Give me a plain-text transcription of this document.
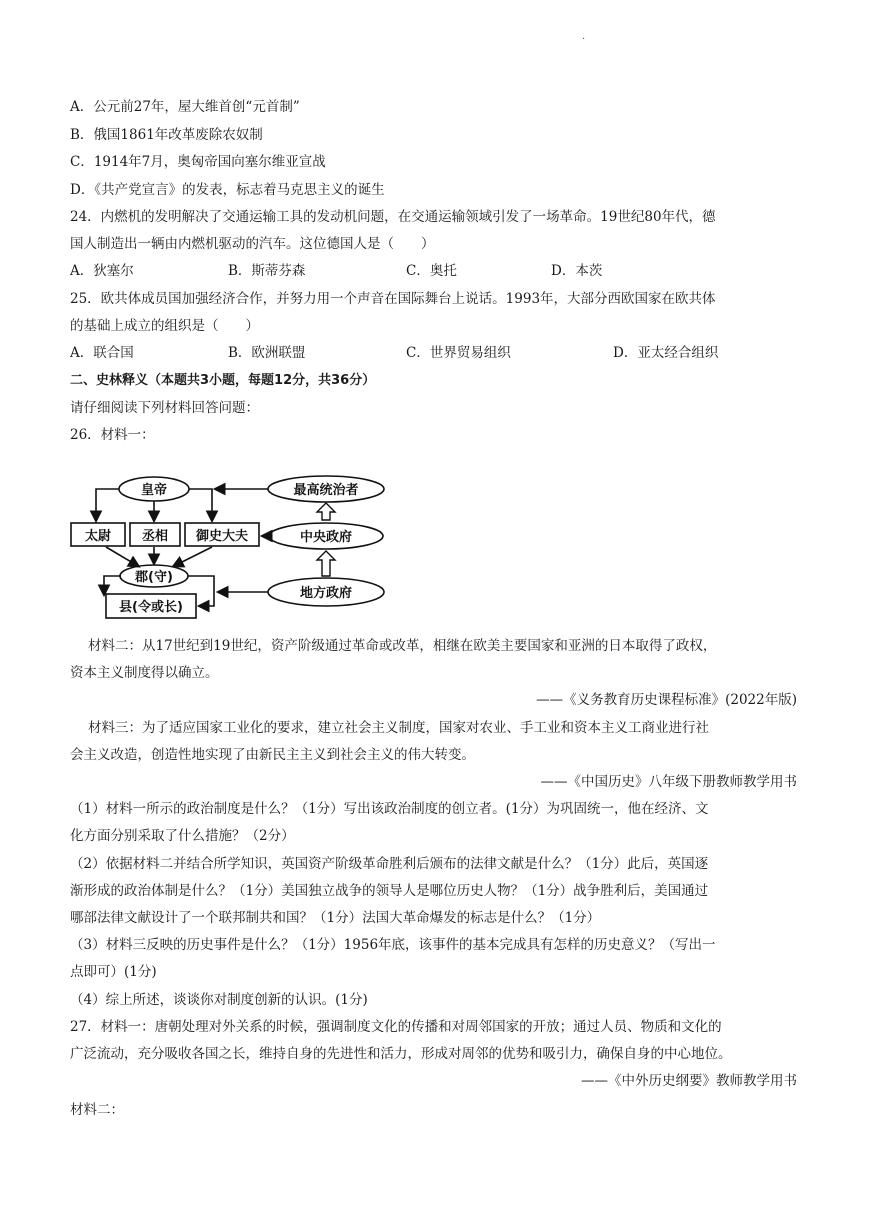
·
A．公元前27年，屋大维首创“元首制”
B．俄国1861年改革废除农奴制
C．1914年7月，奥匈帝国向塞尔维亚宣战
D．《共产党宣言》的发表，标志着马克思主义的诞生
24．内燃机的发明解决了交通运输工具的发动机问题，在交通运输领域引发了一场革命。19世纪80年代，德
国人制造出一辆由内燃机驱动的汽车。这位德国人是（　　）
A．狄塞尔	B．斯蒂芬森	C．奥托	D．本茨
25．欧共体成员国加强经济合作，并努力用一个声音在国际舞台上说话。1993年，大部分西欧国家在欧共体
的基础上成立的组织是（　　）
A．联合国	B．欧洲联盟	C．世界贸易组织	D．亚太经合组织
二、史林释义（本题共3小题，每题12分，共36分）
请仔细阅读下列材料回答问题：
26．材料一：
皇帝
太尉 丞相 御史大夫
郡(守)
县(令或长)
最高统治者
中央政府
地方政府
材料二：从17世纪到19世纪，资产阶级通过革命或改革，相继在欧美主要国家和亚洲的日本取得了政权，
资本主义制度得以确立。
——《义务教育历史课程标准》(2022年版)
材料三：为了适应国家工业化的要求，建立社会主义制度，国家对农业、手工业和资本主义工商业进行社
会主义改造，创造性地实现了由新民主主义到社会主义的伟大转变。
——《中国历史》八年级下册教师教学用书
（1）材料一所示的政治制度是什么？（1分）写出该政治制度的创立者。(1分）为巩固统一，他在经济、文
化方面分别采取了什么措施？（2分）
（2）依据材料二并结合所学知识，英国资产阶级革命胜利后颁布的法律文献是什么？（1分）此后，英国逐
渐形成的政治体制是什么？（1分）美国独立战争的领导人是哪位历史人物？（1分）战争胜利后，美国通过
哪部法律文献设计了一个联邦制共和国？（1分）法国大革命爆发的标志是什么？（1分）
（3）材料三反映的历史事件是什么？（1分）1956年底，该事件的基本完成具有怎样的历史意义？（写出一
点即可）(1分)
（4）综上所述，谈谈你对制度创新的认识。(1分)
27．材料一：唐朝处理对外关系的时候，强调制度文化的传播和对周邻国家的开放；通过人员、物质和文化的
广泛流动，充分吸收各国之长，维持自身的先进性和活力，形成对周邻的优势和吸引力，确保自身的中心地位。
——《中外历史纲要》教师教学用书
材料二：
